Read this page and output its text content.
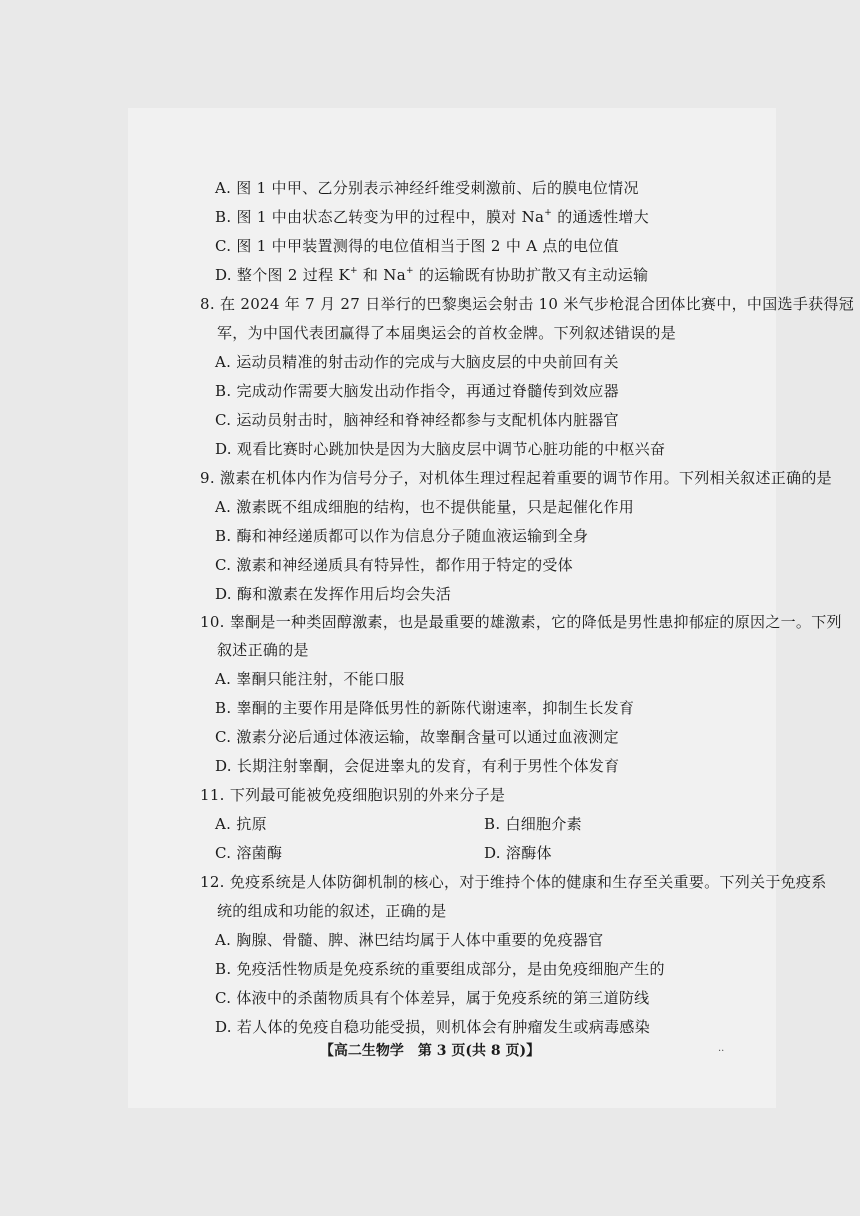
A. 图 1 中甲、乙分别表示神经纤维受刺激前、后的膜电位情况
B. 图 1 中由状态乙转变为甲的过程中，膜对 Na+ 的通透性增大
C. 图 1 中甲装置测得的电位值相当于图 2 中 A 点的电位值
D. 整个图 2 过程 K+ 和 Na+ 的运输既有协助扩散又有主动运输
8. 在 2024 年 7 月 27 日举行的巴黎奥运会射击 10 米气步枪混合团体比赛中，中国选手获得冠
军，为中国代表团赢得了本届奥运会的首枚金牌。下列叙述错误的是
A. 运动员精准的射击动作的完成与大脑皮层的中央前回有关
B. 完成动作需要大脑发出动作指令，再通过脊髓传到效应器
C. 运动员射击时，脑神经和脊神经都参与支配机体内脏器官
D. 观看比赛时心跳加快是因为大脑皮层中调节心脏功能的中枢兴奋
9. 激素在机体内作为信号分子，对机体生理过程起着重要的调节作用。下列相关叙述正确的是
A. 激素既不组成细胞的结构，也不提供能量，只是起催化作用
B. 酶和神经递质都可以作为信息分子随血液运输到全身
C. 激素和神经递质具有特异性，都作用于特定的受体
D. 酶和激素在发挥作用后均会失活
10. 睾酮是一种类固醇激素，也是最重要的雄激素，它的降低是男性患抑郁症的原因之一。下列
叙述正确的是
A. 睾酮只能注射，不能口服
B. 睾酮的主要作用是降低男性的新陈代谢速率，抑制生长发育
C. 激素分泌后通过体液运输，故睾酮含量可以通过血液测定
D. 长期注射睾酮，会促进睾丸的发育，有利于男性个体发育
11. 下列最可能被免疫细胞识别的外来分子是
A. 抗原	B. 白细胞介素
C. 溶菌酶	D. 溶酶体
12. 免疫系统是人体防御机制的核心，对于维持个体的健康和生存至关重要。下列关于免疫系
统的组成和功能的叙述，正确的是
A. 胸腺、骨髓、脾、淋巴结均属于人体中重要的免疫器官
B. 免疫活性物质是免疫系统的重要组成部分，是由免疫细胞产生的
C. 体液中的杀菌物质具有个体差异，属于免疫系统的第三道防线
D. 若人体的免疫自稳功能受损，则机体会有肿瘤发生或病毒感染
【高二生物学　第 3 页(共 8 页)】	··
